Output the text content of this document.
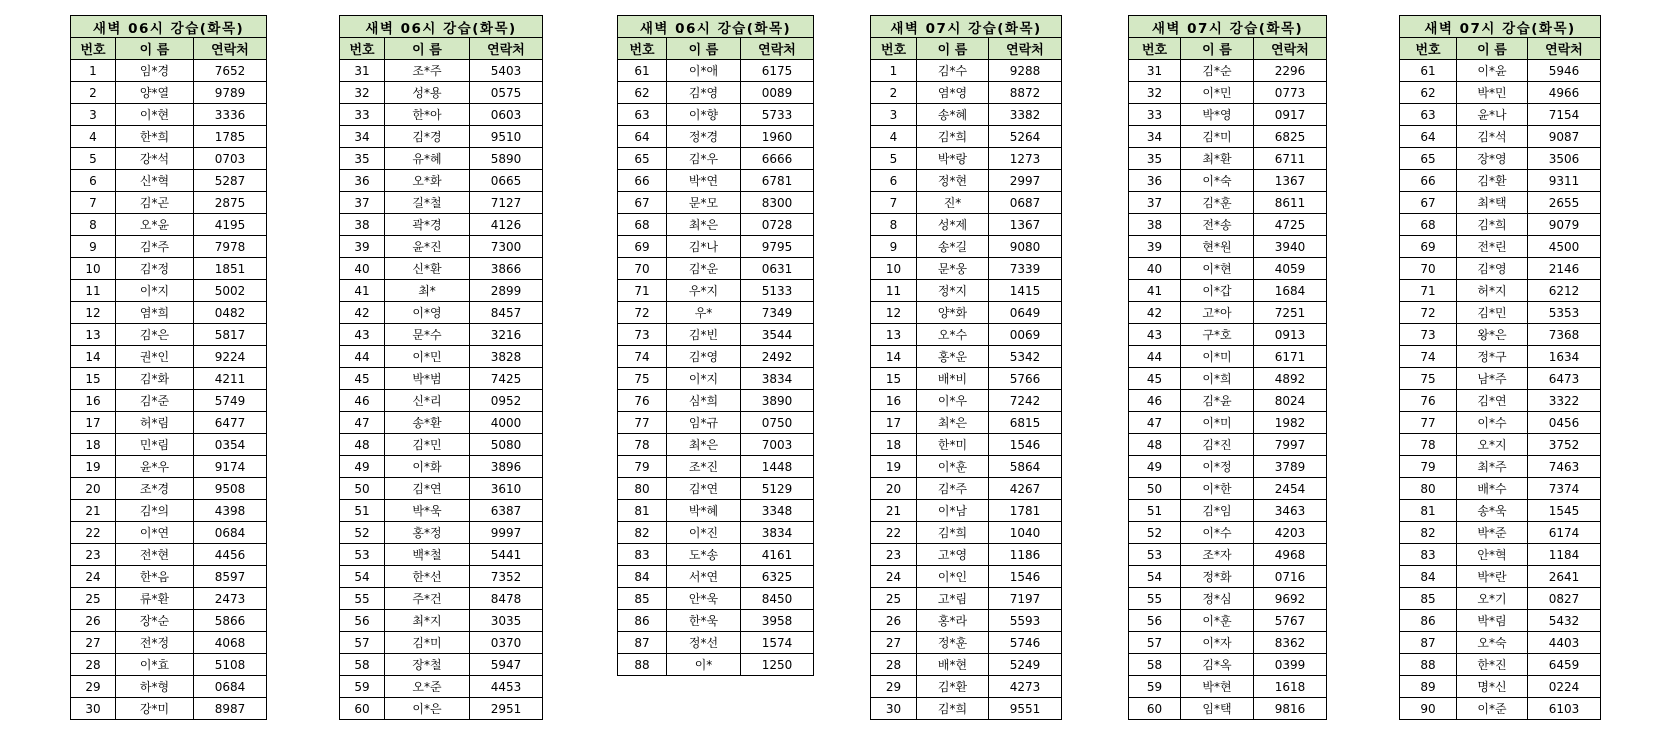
새벽 06시 강습(화목)		
번호	이 름	연락처
1	임*경	7652
2	양*열	9789
3	이*현	3336
4	한*희	1785
5	강*석	0703
6	신*혁	5287
7	김*곤	2875
8	오*윤	4195
9	김*주	7978
10	김*정	1851
11	이*지	5002
12	염*희	0482
13	김*은	5817
14	권*인	9224
15	김*화	4211
16	김*준	5749
17	허*림	6477
18	민*림	0354
19	윤*우	9174
20	조*경	9508
21	김*의	4398
22	이*연	0684
23	전*현	4456
24	한*음	8597
25	류*환	2473
26	장*순	5866
27	전*정	4068
28	이*효	5108
29	하*형	0684
30	강*미	8987
새벽 06시 강습(화목)		
번호	이 름	연락처
31	조*주	5403
32	성*용	0575
33	한*아	0603
34	김*경	9510
35	유*혜	5890
36	오*화	0665
37	길*철	7127
38	곽*경	4126
39	윤*진	7300
40	신*환	3866
41	최*	2899
42	이*영	8457
43	문*수	3216
44	이*민	3828
45	박*범	7425
46	신*리	0952
47	송*환	4000
48	김*민	5080
49	이*화	3896
50	김*연	3610
51	박*욱	6387
52	홍*정	9997
53	백*철	5441
54	한*선	7352
55	주*건	8478
56	최*지	3035
57	김*미	0370
58	장*철	5947
59	오*준	4453
60	이*은	2951
새벽 06시 강습(화목)		
번호	이 름	연락처
61	이*애	6175
62	김*영	0089
63	이*향	5733
64	정*경	1960
65	김*우	6666
66	박*연	6781
67	문*모	8300
68	최*은	0728
69	김*나	9795
70	김*운	0631
71	우*지	5133
72	우*	7349
73	김*빈	3544
74	김*영	2492
75	이*지	3834
76	심*희	3890
77	임*규	0750
78	최*은	7003
79	조*진	1448
80	김*연	5129
81	박*혜	3348
82	이*진	3834
83	도*송	4161
84	서*연	6325
85	안*욱	8450
86	한*욱	3958
87	정*선	1574
88	이*	1250
새벽 07시 강습(화목)		
번호	이 름	연락처
1	김*수	9288
2	염*영	8872
3	송*혜	3382
4	김*희	5264
5	박*랑	1273
6	정*현	2997
7	진*	0687
8	성*제	1367
9	송*길	9080
10	문*웅	7339
11	정*지	1415
12	양*화	0649
13	오*수	0069
14	홍*운	5342
15	배*비	5766
16	이*우	7242
17	최*은	6815
18	한*미	1546
19	이*훈	5864
20	김*주	4267
21	이*남	1781
22	김*희	1040
23	고*영	1186
24	이*인	1546
25	고*림	7197
26	홍*라	5593
27	정*훈	5746
28	배*현	5249
29	김*환	4273
30	김*희	9551
새벽 07시 강습(화목)		
번호	이 름	연락처
31	김*순	2296
32	이*민	0773
33	박*영	0917
34	김*미	6825
35	최*환	6711
36	이*숙	1367
37	김*훈	8611
38	전*송	4725
39	현*원	3940
40	이*현	4059
41	이*갑	1684
42	고*아	7251
43	구*호	0913
44	이*미	6171
45	이*희	4892
46	김*윤	8024
47	이*미	1982
48	김*진	7997
49	이*정	3789
50	이*한	2454
51	김*임	3463
52	이*수	4203
53	조*자	4968
54	정*화	0716
55	정*심	9692
56	이*훈	5767
57	이*자	8362
58	김*옥	0399
59	박*현	1618
60	임*택	9816
새벽 07시 강습(화목)		
번호	이 름	연락처
61	이*윤	5946
62	박*민	4966
63	윤*나	7154
64	김*석	9087
65	장*영	3506
66	김*환	9311
67	최*택	2655
68	김*희	9079
69	전*린	4500
70	김*영	2146
71	허*지	6212
72	김*민	5353
73	왕*은	7368
74	정*구	1634
75	남*주	6473
76	김*연	3322
77	이*수	0456
78	오*지	3752
79	최*주	7463
80	배*수	7374
81	송*욱	1545
82	박*준	6174
83	안*혁	1184
84	박*란	2641
85	오*기	0827
86	박*림	5432
87	오*숙	4403
88	한*진	6459
89	명*신	0224
90	이*준	6103
